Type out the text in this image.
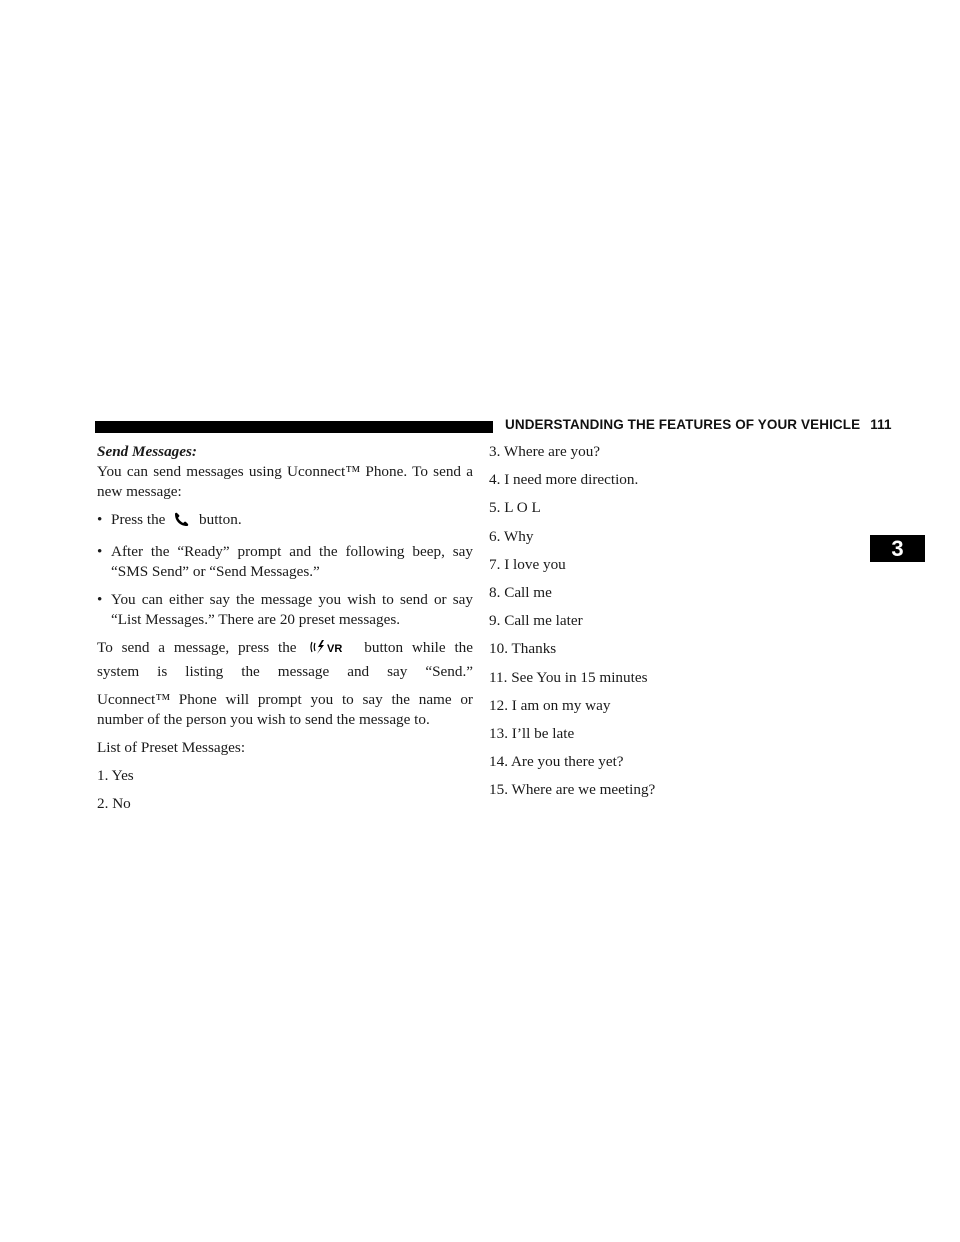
UNDERSTANDING THE FEATURES OF YOUR VEHICLE 111
3

Send Messages:

You can send messages using Uconnect™ Phone. To send a new message:

• Press the button.
• After the “Ready” prompt and the following beep, say “SMS Send” or “Send Messages.”
• You can either say the message you wish to send or say “List Messages.” There are 20 preset messages.

To send a message, press the	VR button while the system is listing the message and say “Send.”

Uconnect™ Phone will prompt you to say the name or number of the person you wish to send the message to.

List of Preset Messages:

1. Yes
2. No
3. Where are you?
4. I need more direction.
5. L O L
6. Why
7. I love you
8. Call me
9. Call me later
10. Thanks
11. See You in 15 minutes
12. I am on my way
13. I’ll be late
14. Are you there yet?
15. Where are we meeting?
